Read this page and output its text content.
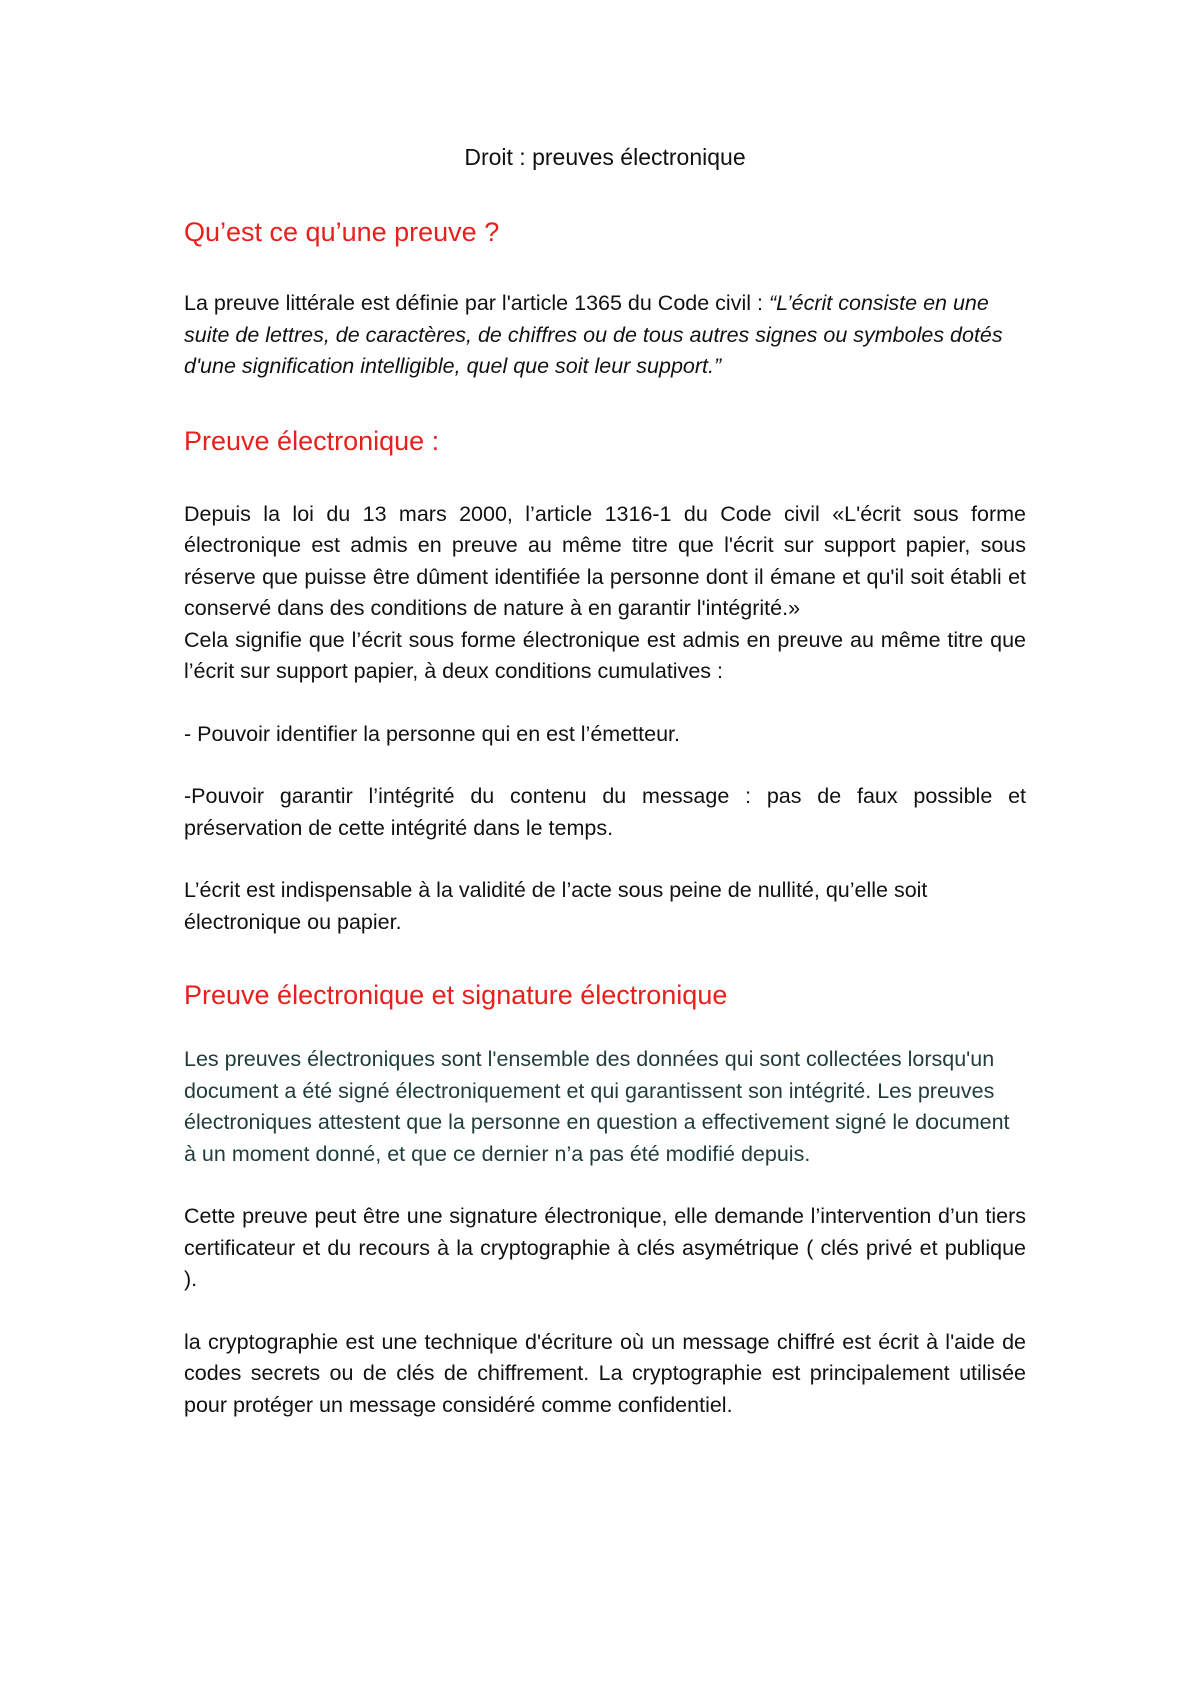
Droit : preuves électronique

Qu’est ce qu’une preuve ?

La preuve littérale est définie par l'article 1365 du Code civil : “L’écrit consiste en une suite de lettres, de caractères, de chiffres ou de tous autres signes ou symboles dotés d'une signification intelligible, quel que soit leur support.”

Preuve électronique :

Depuis la loi du 13 mars 2000, l’article 1316-1 du Code civil «L'écrit sous forme électronique est admis en preuve au même titre que l'écrit sur support papier, sous réserve que puisse être dûment identifiée la personne dont il émane et qu'il soit établi et conservé dans des conditions de nature à en garantir l'intégrité.»

Cela signifie que l’écrit sous forme électronique est admis en preuve au même titre que l’écrit sur support papier, à deux conditions cumulatives :

- Pouvoir identifier la personne qui en est l’émetteur.

-Pouvoir garantir l’intégrité du contenu du message : pas de faux possible et préservation de cette intégrité dans le temps.

L’écrit est indispensable à la validité de l’acte sous peine de nullité, qu’elle soit électronique ou papier.

Preuve électronique et signature électronique

Les preuves électroniques sont l'ensemble des données qui sont collectées lorsqu'un document a été signé électroniquement et qui garantissent son intégrité. Les preuves électroniques attestent que la personne en question a effectivement signé le document à un moment donné, et que ce dernier n’a pas été modifié depuis.

Cette preuve peut être une signature électronique, elle demande l’intervention d’un tiers certificateur et du recours à la cryptographie à clés asymétrique ( clés privé et publique ).

la cryptographie est une technique d'écriture où un message chiffré est écrit à l'aide de codes secrets ou de clés de chiffrement. La cryptographie est principalement utilisée pour protéger un message considéré comme confidentiel.
